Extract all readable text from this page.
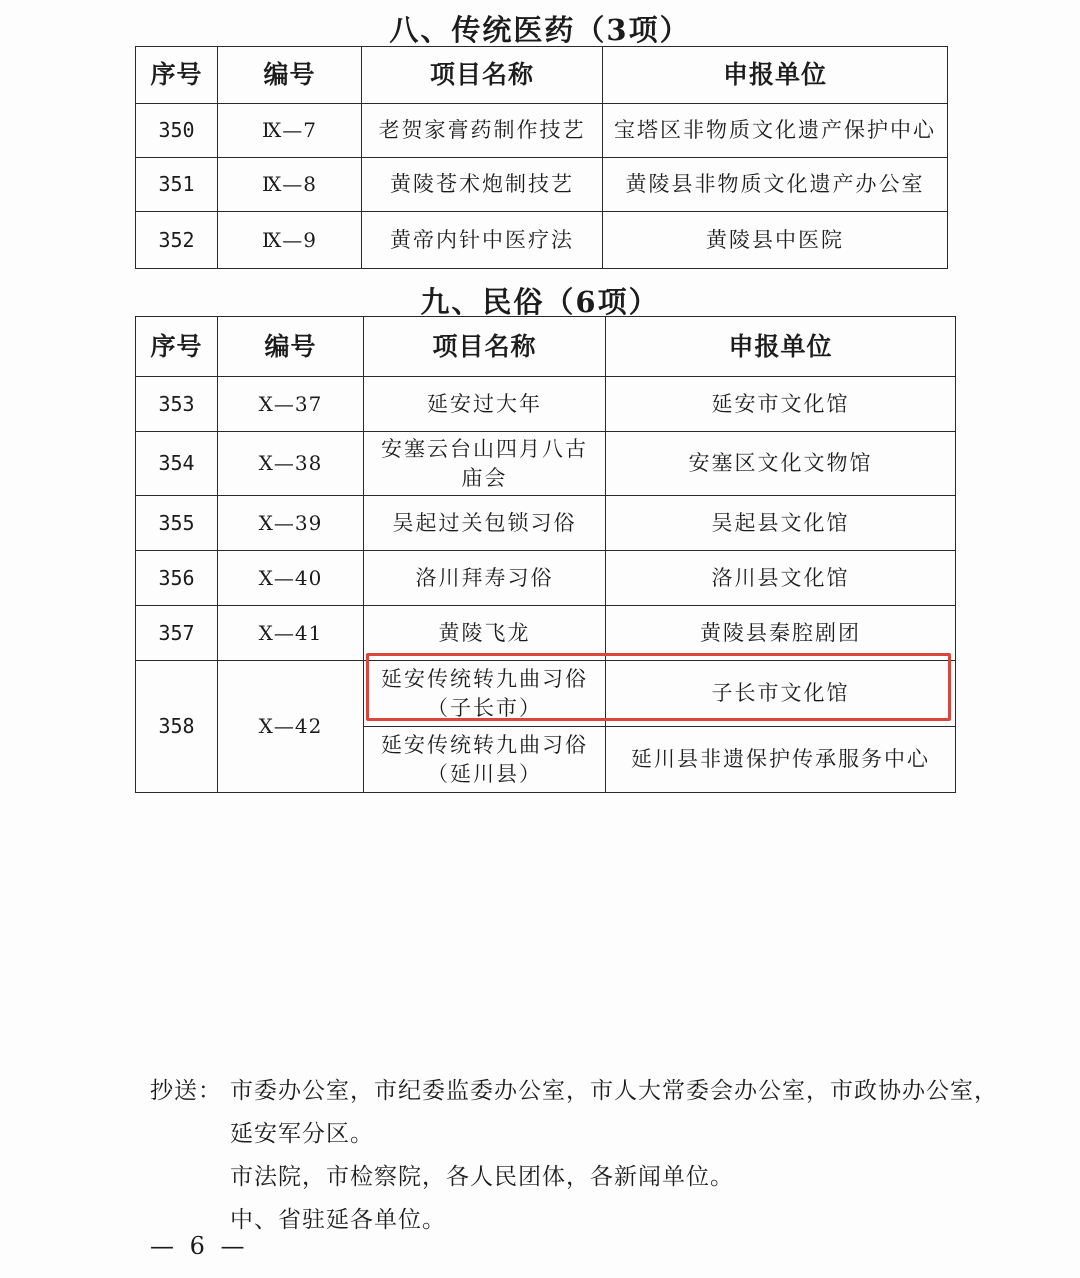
八、传统医药（3项）
序号	编号	项目名称	申报单位
350	Ⅸ—7	老贺家膏药制作技艺	宝塔区非物质文化遗产保护中心
351	Ⅸ—8	黄陵苍术炮制技艺	黄陵县非物质文化遗产办公室
352	Ⅸ—9	黄帝内针中医疗法	黄陵县中医院
九、民俗（6项）
序号	编号	项目名称	申报单位
353	Ⅹ—37	延安过大年	延安市文化馆
354	Ⅹ—38	安塞云台山四月八古庙会	安塞区文化文物馆
355	Ⅹ—39	吴起过关包锁习俗	吴起县文化馆
356	Ⅹ—40	洛川拜寿习俗	洛川县文化馆
357	Ⅹ—41	黄陵飞龙	黄陵县秦腔剧团
358	Ⅹ—42	延安传统转九曲习俗（子长市）	子长市文化馆
		延安传统转九曲习俗（延川县）	延川县非遗保护传承服务中心
抄送： 市委办公室，市纪委监委办公室，市人大常委会办公室，市政协办公室，
延安军分区。
市法院，市检察院，各人民团体，各新闻单位。
中、省驻延各单位。
— 6 —
